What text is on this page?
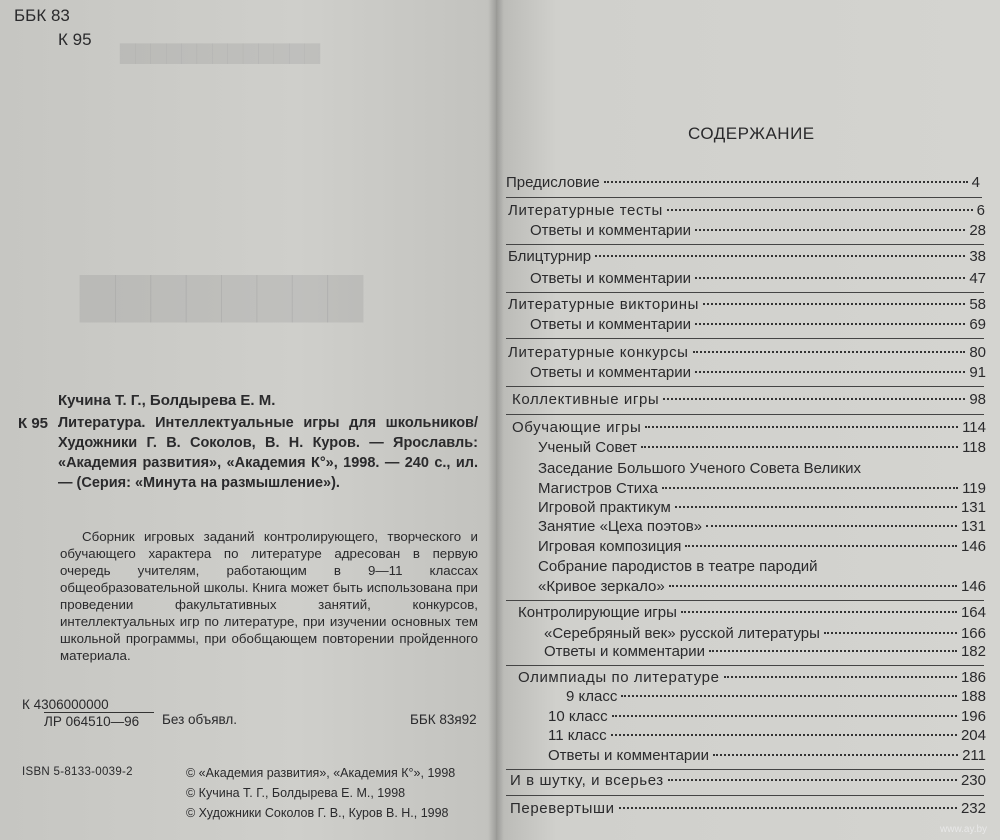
▇▇▇▇▇▇▇▇
▇▇▇▇▇▇▇▇▇▇▇▇▇
ББК 83
К 95
Кучина Т. Г., Болдырева Е. М.
К 95 Литература. Интеллектуальные игры для школьников/Художники Г. В. Соколов, В. Н. Куров. — Ярославль: «Академия развития», «Академия К°», 1998. — 240 с., ил. — (Серия: «Минута на размышление»).
Сборник игровых заданий контролирующего, творческого и обучающего характера по литературе адресован в первую очередь учителям, работающим в 9—11 классах общеобразовательной школы. Книга может быть использована при проведении факультативных занятий, конкурсов, интеллектуальных игр по литературе, при изучении основных тем школьной программы, при обобщающем повторении пройденного материала.
К 4306000000
ЛР 064510—96 Без объявл.	ББК 83я92
ISBN 5-8133-0039-2	© «Академия развития», «Академия К°», 1998
© Кучина Т. Г., Болдырева Е. М., 1998
© Художники Соколов Г. В., Куров В. Н., 1998
СОДЕРЖАНИЕ
Предисловие	4
Литературные тесты	6
Ответы и комментарии	28
Блицтурнир	38
Ответы и комментарии	47
Литературные викторины	58
Ответы и комментарии	69
Литературные конкурсы	80
Ответы и комментарии	91
Коллективные игры	98
Обучающие игры	114
Ученый Совет	118
Заседание Большого Ученого Совета Великих
Магистров Стиха	119
Игровой практикум	131
Занятие «Цеха поэтов»	131
Игровая композиция	146
Собрание пародистов в театре пародий
«Кривое зеркало»	146
Контролирующие игры	164
«Серебряный век» русской литературы	166
Ответы и комментарии	182
Олимпиады по литературе	186
9 класс	188
10 класс	196
11 класс	204
Ответы и комментарии	211
И в шутку, и всерьез	230
Перевертыши	232
www.ay.by
